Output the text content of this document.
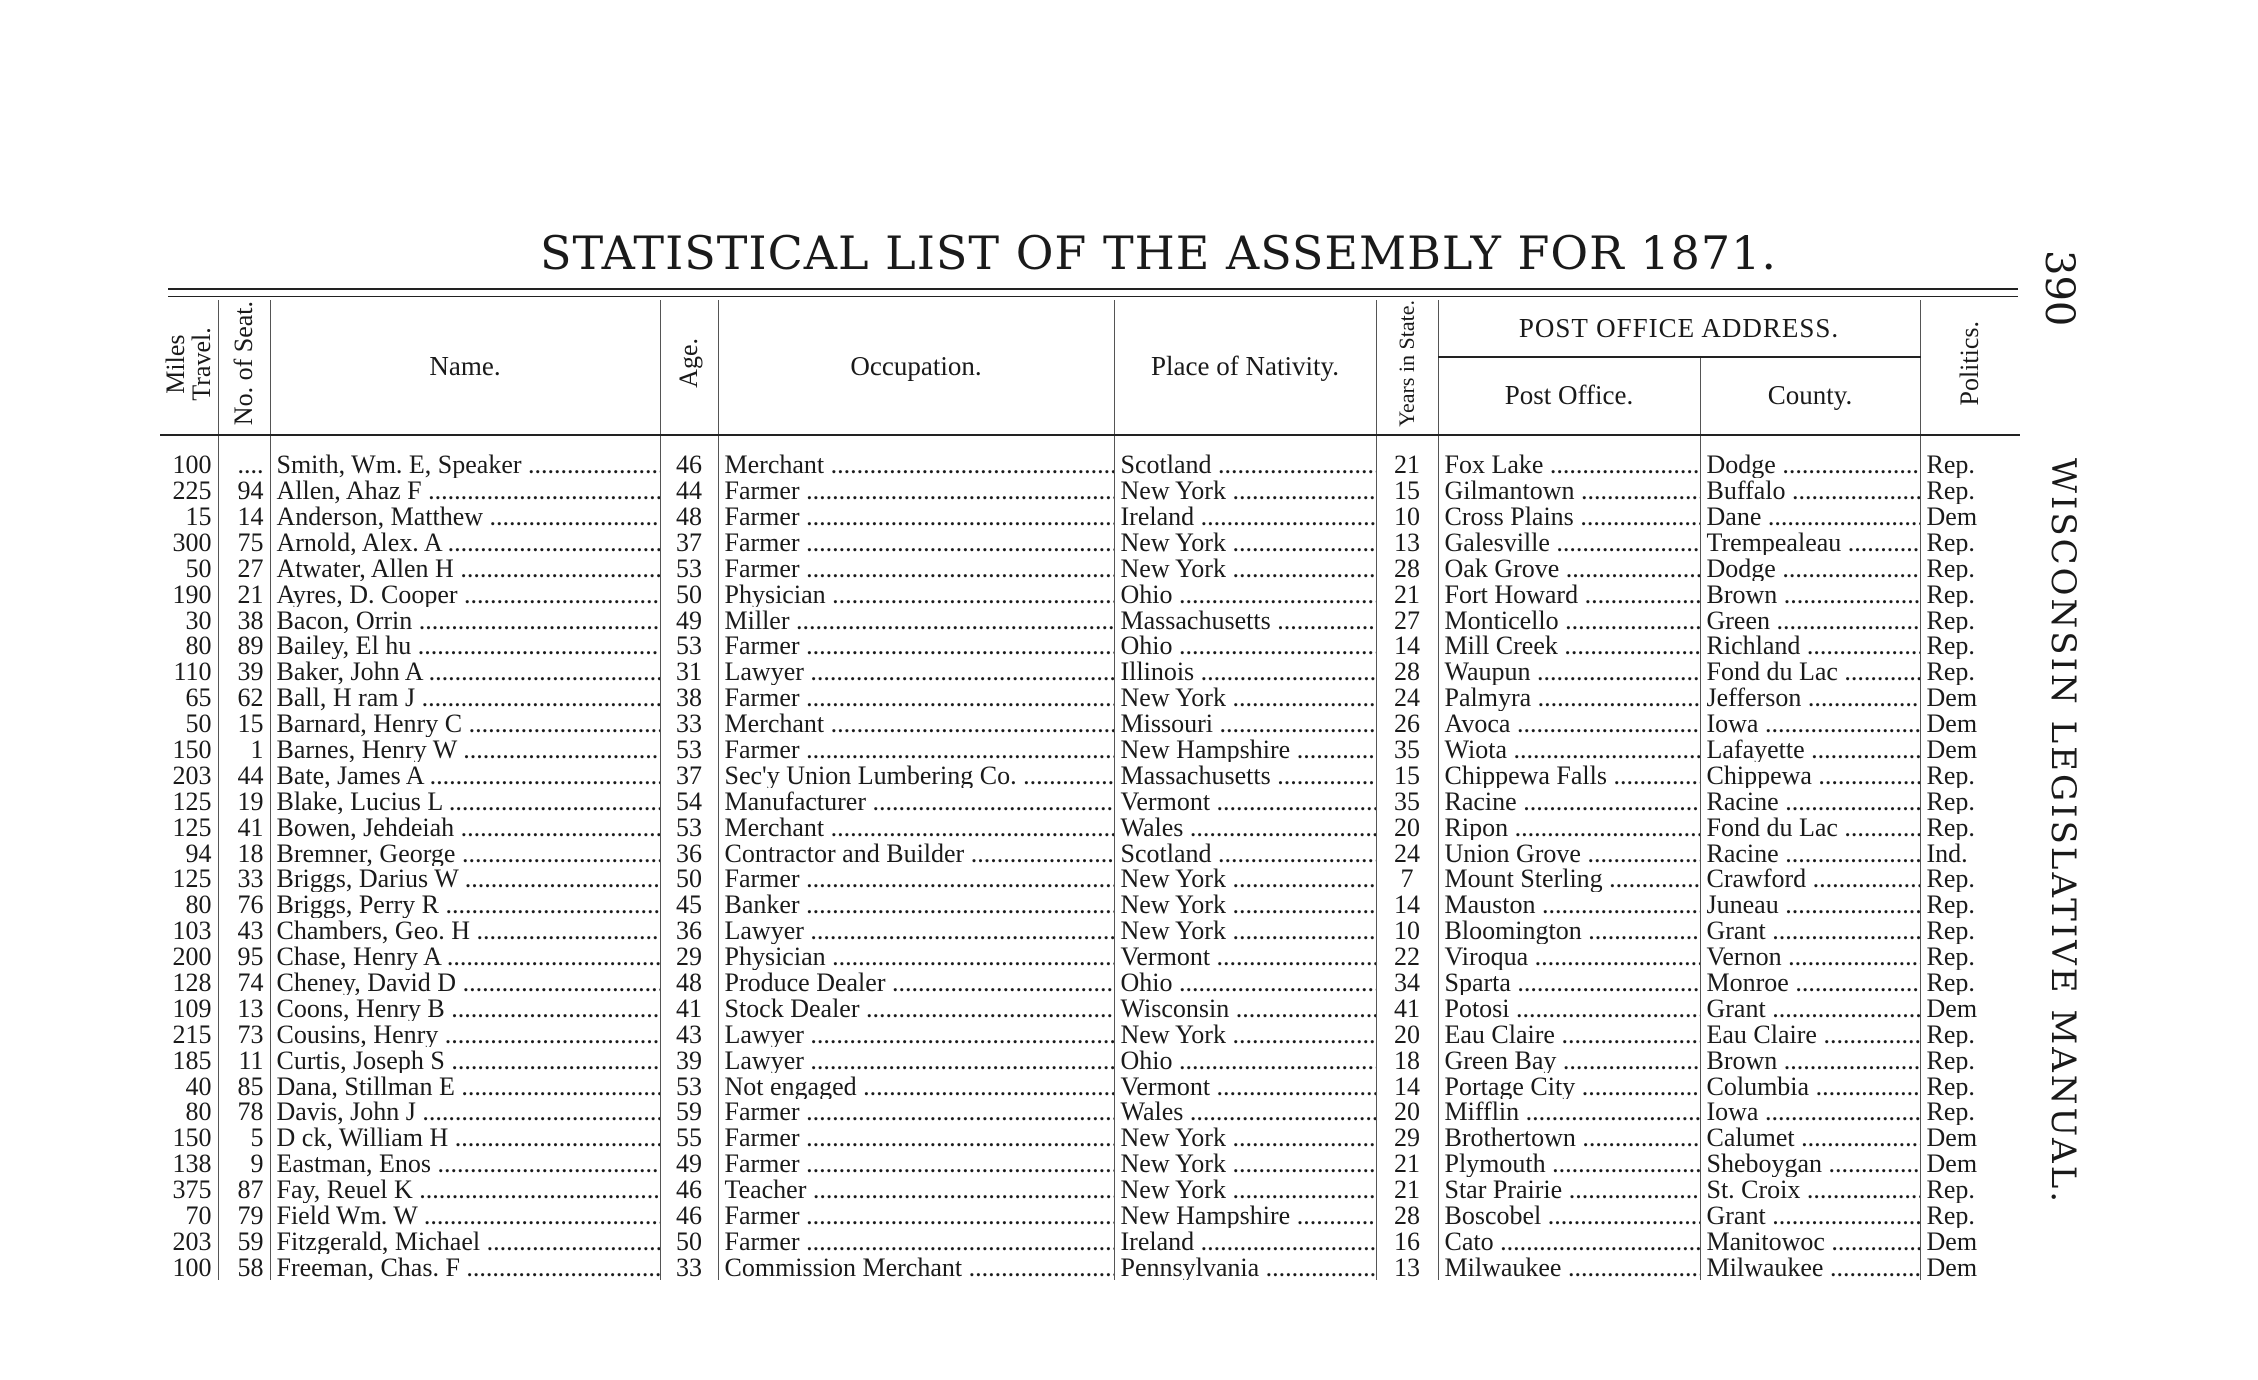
STATISTICAL LIST OF THE ASSEMBLY FOR 1871.	390
WISCONSIN LEGISLATIVE MANUAL.
Miles Travel.	No. of Seat.	Name.	Age.	Occupation.	Place of Nativity.	Years in State.	POST OFFICE ADDRESS.		Politics.
							Post Office.	County.	
100	....	Smith, Wm. E, Speaker .....	46	Merchant .....	Scotland .....	21	Fox Lake .....	Dodge .....	Rep.
225	94	Allen, Ahaz F .....	44	Farmer .....	New York .....	15	Gilmantown .....	Buffalo .....	Rep.
15	14	Anderson, Matthew .....	48	Farmer .....	Ireland .....	10	Cross Plains .....	Dane .....	Dem
300	75	Arnold, Alex. A .....	37	Farmer .....	New York .....	13	Galesville .....	Trempealeau .....	Rep.
50	27	Atwater, Allen H .....	53	Farmer .....	New York .....	28	Oak Grove .....	Dodge .....	Rep.
190	21	Ayres, D. Cooper .....	50	Physician .....	Ohio .....	21	Fort Howard .....	Brown .....	Rep.
30	38	Bacon, Orrin .....	49	Miller .....	Massachusetts .....	27	Monticello .....	Green .....	Rep.
80	89	Bailey, El hu .....	53	Farmer .....	Ohio .....	14	Mill Creek .....	Richland .....	Rep.
110	39	Baker, John A .....	31	Lawyer .....	Illinois .....	28	Waupun .....	Fond du Lac .....	Rep.
65	62	Ball, H ram J .....	38	Farmer .....	New York .....	24	Palmyra .....	Jefferson .....	Dem
50	15	Barnard, Henry C .....	33	Merchant .....	Missouri .....	26	Avoca .....	Iowa .....	Dem
150	1	Barnes, Henry W .....	53	Farmer .....	New Hampshire .....	35	Wiota .....	Lafayette .....	Dem
203	44	Bate, James A .....	37	Sec'y Union Lumbering Co. .....	Massachusetts .....	15	Chippewa Falls .....	Chippewa .....	Rep.
125	19	Blake, Lucius L .....	54	Manufacturer .....	Vermont .....	35	Racine .....	Racine .....	Rep.
125	41	Bowen, Jehdeiah .....	53	Merchant .....	Wales .....	20	Ripon .....	Fond du Lac .....	Rep.
94	18	Bremner, George .....	36	Contractor and Builder .....	Scotland .....	24	Union Grove .....	Racine .....	Ind.
125	33	Briggs, Darius W .....	50	Farmer .....	New York .....	7	Mount Sterling .....	Crawford .....	Rep.
80	76	Briggs, Perry R .....	45	Banker .....	New York .....	14	Mauston .....	Juneau .....	Rep.
103	43	Chambers, Geo. H .....	36	Lawyer .....	New York .....	10	Bloomington .....	Grant .....	Rep.
200	95	Chase, Henry A .....	29	Physician .....	Vermont .....	22	Viroqua .....	Vernon .....	Rep.
128	74	Cheney, David D .....	48	Produce Dealer .....	Ohio .....	34	Sparta .....	Monroe .....	Rep.
109	13	Coons, Henry B .....	41	Stock Dealer .....	Wisconsin .....	41	Potosi .....	Grant .....	Dem
215	73	Cousins, Henry .....	43	Lawyer .....	New York .....	20	Eau Claire .....	Eau Claire .....	Rep.
185	11	Curtis, Joseph S .....	39	Lawyer .....	Ohio .....	18	Green Bay .....	Brown .....	Rep.
40	85	Dana, Stillman E .....	53	Not engaged .....	Vermont .....	14	Portage City .....	Columbia .....	Rep.
80	78	Davis, John J .....	59	Farmer .....	Wales .....	20	Mifflin .....	Iowa .....	Rep.
150	5	D ck, William H .....	55	Farmer .....	New York .....	29	Brothertown .....	Calumet .....	Dem
138	9	Eastman, Enos .....	49	Farmer .....	New York .....	21	Plymouth .....	Sheboygan .....	Dem
375	87	Fay, Reuel K .....	46	Teacher .....	New York .....	21	Star Prairie .....	St. Croix .....	Rep.
70	79	Field Wm. W .....	46	Farmer .....	New Hampshire .....	28	Boscobel .....	Grant .....	Rep.
203	59	Fitzgerald, Michael .....	50	Farmer .....	Ireland .....	16	Cato .....	Manitowoc .....	Dem
100	58	Freeman, Chas. F .....	33	Commission Merchant .....	Pennsylvania .....	13	Milwaukee .....	Milwaukee .....	Dem
